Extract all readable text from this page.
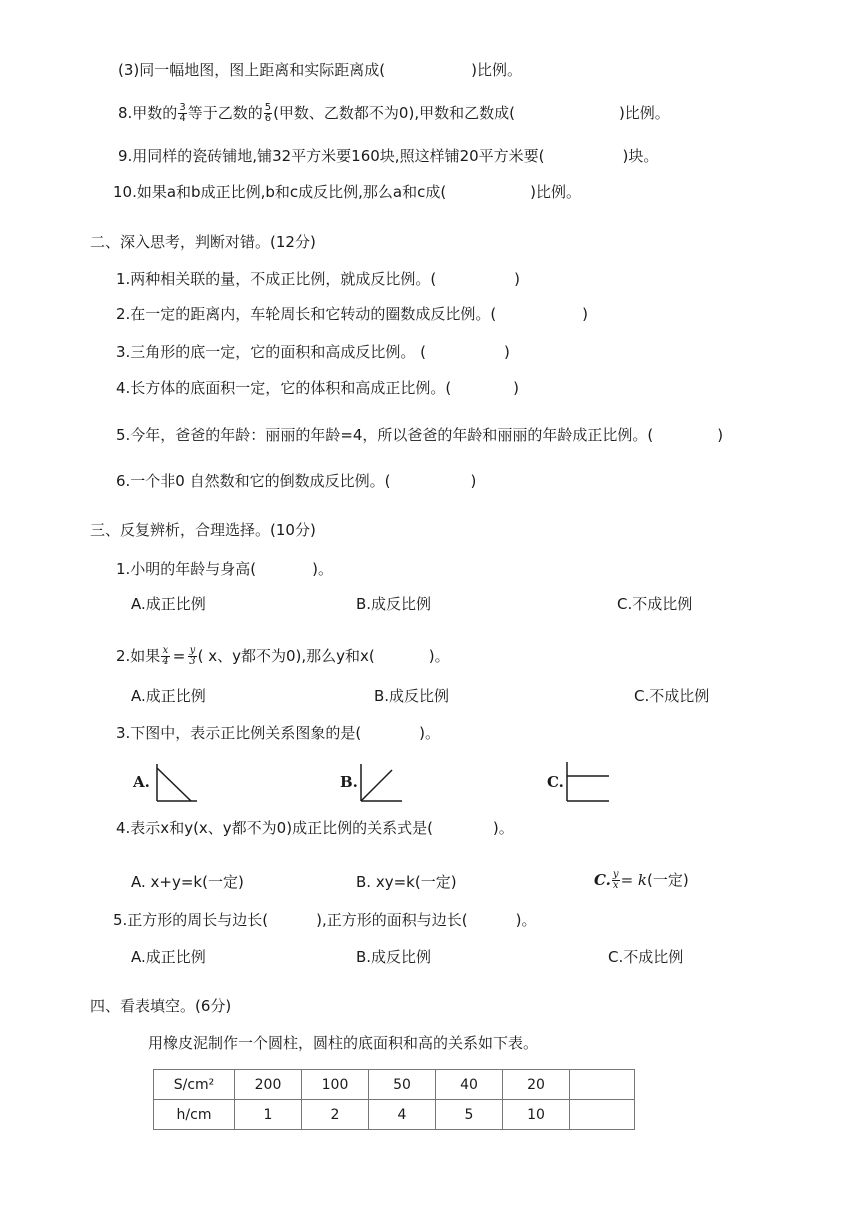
(3)同一幅地图，图上距离和实际距离成(	)比例。
8.甲数的 $\frac{3}{4}$ 等于乙数的 $\frac{5}{6}$ (甲数、乙数都不为0),甲数和乙数成(	)比例。
9.用同样的瓷砖铺地,铺32平方米要160块,照这样铺20平方米要(	)块。
10.如果a和b成正比例,b和c成反比例,那么a和c成(	)比例。
二、深入思考，判断对错。(12分)
1.两种相关联的量，不成正比例，就成反比例。(	)
2.在一定的距离内，车轮周长和它转动的圈数成反比例。(	)
3.三角形的底一定，它的面积和高成反比例。 (	)
4.长方体的底面积一定，它的体积和高成正比例。(	)
5.今年，爸爸的年龄：丽丽的年龄=4，所以爸爸的年龄和丽丽的年龄成正比例。(	)
6.一个非0 自然数和它的倒数成反比例。(	)
三、反复辨析，合理选择。(10分)
1.小明的年龄与身高(	)。
A.成正比例	B.成反比例	C.不成比例
2.如果 $\frac{x}{4} = \frac{y}{3}$ ( x、y都不为0),那么y和x(	)。
A.成正比例	B.成反比例	C.不成比例
3.下图中，表示正比例关系图象的是(	)。
A.	B.	C.
4.表示x和y(x、y都不为0)成正比例的关系式是(	)。
A. x+y=k(一定)	B. xy=k(一定)	C. $\frac{y}{x} = k$(一定)
5.正方形的周长与边长(	),正方形的面积与边长(	)。
A.成正比例	B.成反比例	C.不成比例
四、看表填空。(6分)
用橡皮泥制作一个圆柱，圆柱的底面积和高的关系如下表。
S/cm²	200	100	50	40	20	
h/cm	1	2	4	5	10	
